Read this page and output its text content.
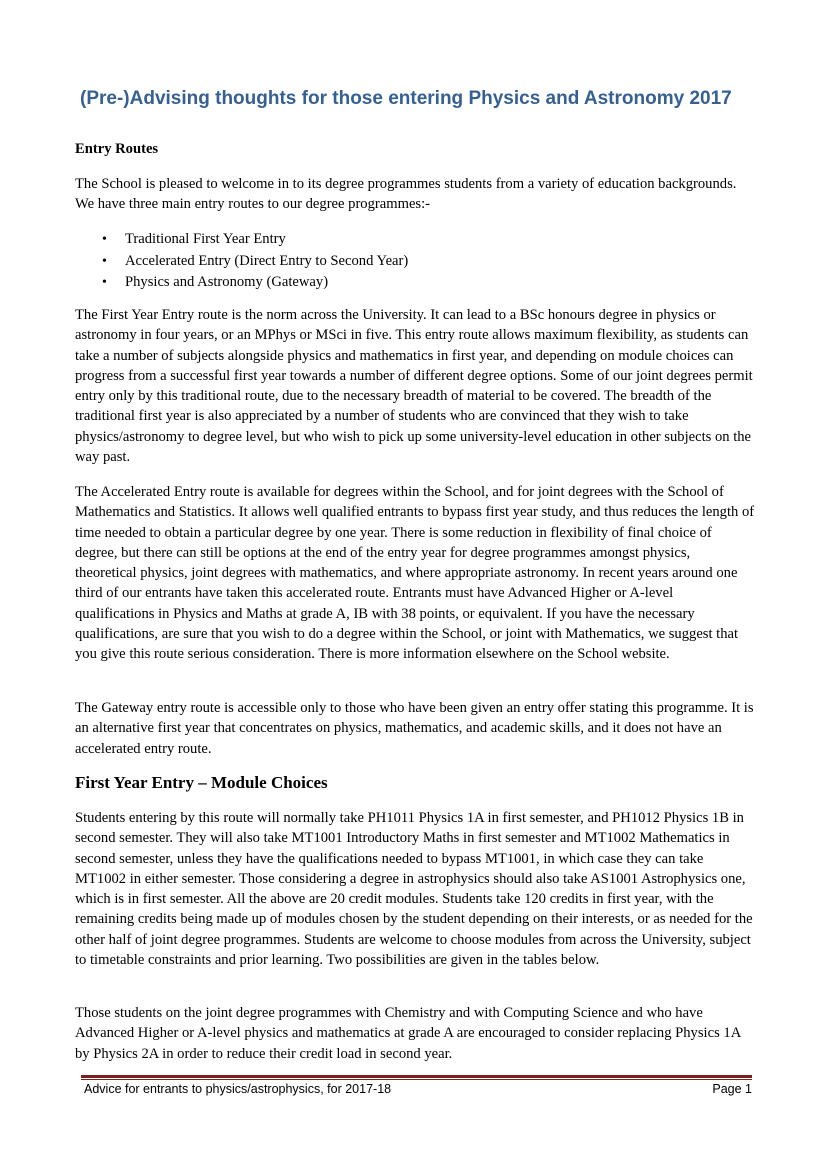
(Pre-)Advising thoughts for those entering Physics and Astronomy 2017
Entry Routes

The School is pleased to welcome in to its degree programmes students from a variety of education backgrounds. We have three main entry routes to our degree programmes:-

• Traditional First Year Entry
• Accelerated Entry (Direct Entry to Second Year)
• Physics and Astronomy (Gateway)

The First Year Entry route is the norm across the University. It can lead to a BSc honours degree in physics or astronomy in four years, or an MPhys or MSci in five. This entry route allows maximum flexibility, as students can take a number of subjects alongside physics and mathematics in first year, and depending on module choices can progress from a successful first year towards a number of different degree options. Some of our joint degrees permit entry only by this traditional route, due to the necessary breadth of material to be covered. The breadth of the traditional first year is also appreciated by a number of students who are convinced that they wish to take physics/astronomy to degree level, but who wish to pick up some university-level education in other subjects on the way past.

The Accelerated Entry route is available for degrees within the School, and for joint degrees with the School of Mathematics and Statistics. It allows well qualified entrants to bypass first year study, and thus reduces the length of time needed to obtain a particular degree by one year. There is some reduction in flexibility of final choice of degree, but there can still be options at the end of the entry year for degree programmes amongst physics, theoretical physics, joint degrees with mathematics, and where appropriate astronomy. In recent years around one third of our entrants have taken this accelerated route. Entrants must have Advanced Higher or A-level qualifications in Physics and Maths at grade A, IB with 38 points, or equivalent. If you have the necessary qualifications, are sure that you wish to do a degree within the School, or joint with Mathematics, we suggest that you give this route serious consideration. There is more information elsewhere on the School website.

The Gateway entry route is accessible only to those who have been given an entry offer stating this programme. It is an alternative first year that concentrates on physics, mathematics, and academic skills, and it does not have an accelerated entry route.

First Year Entry – Module Choices

Students entering by this route will normally take PH1011 Physics 1A in first semester, and PH1012 Physics 1B in second semester. They will also take MT1001 Introductory Maths in first semester and MT1002 Mathematics in second semester, unless they have the qualifications needed to bypass MT1001, in which case they can take MT1002 in either semester. Those considering a degree in astrophysics should also take AS1001 Astrophysics one, which is in first semester. All the above are 20 credit modules. Students take 120 credits in first year, with the remaining credits being made up of modules chosen by the student depending on their interests, or as needed for the other half of joint degree programmes. Students are welcome to choose modules from across the University, subject to timetable constraints and prior learning. Two possibilities are given in the tables below.

Those students on the joint degree programmes with Chemistry and with Computing Science and who have Advanced Higher or A-level physics and mathematics at grade A are encouraged to consider replacing Physics 1A by Physics 2A in order to reduce their credit load in second year.

Advice for entrants to physics/astrophysics, for 2017-18	Page 1
